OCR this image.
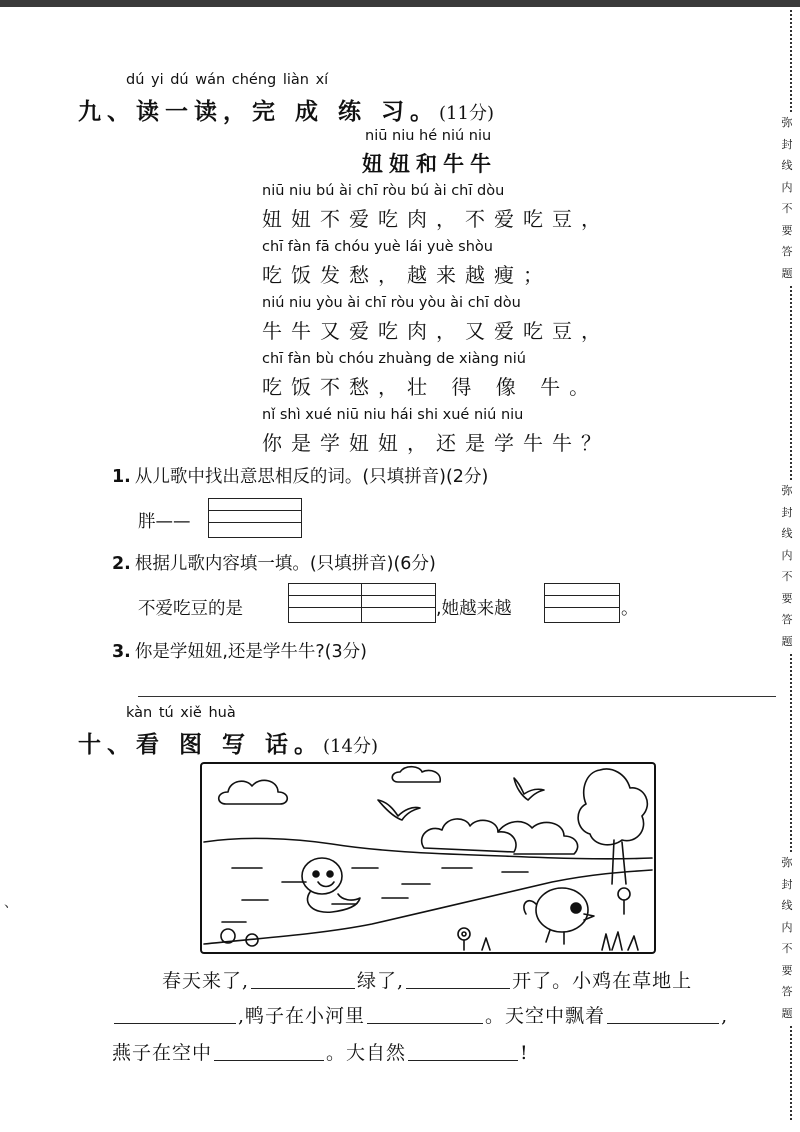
弥
封
线
内
不
要
答
题
弥
封
线
内
不
要
答
题
弥
封
线
内
不
要
答
题
、
dú yi dú wán chéng liàn xí
九、读一读，完 成 练 习。(11分)
niū niu hé niú niu
妞妞和牛牛
niū niu bú ài chī ròu bú ài chī dòu
妞妞不爱吃肉，不爱吃豆，
chī fàn fā chóu yuè lái yuè shòu
吃饭发愁，越来越瘦；
niú niu yòu ài chī ròu yòu ài chī dòu
牛牛又爱吃肉，又爱吃豆，
chī fàn bù chóu zhuàng de xiàng niú
吃饭不愁，壮 得 像 牛。
nǐ shì xué niū niu hái shi xué niú niu
你是学妞妞，还是学牛牛？
1. 从儿歌中找出意思相反的词。(只填拼音)(2分)
胖——
2. 根据儿歌内容填一填。(只填拼音)(6分)
不爱吃豆的是	,她越来越	。
3. 你是学妞妞,还是学牛牛?(3分)
kàn tú xiě huà
十、看 图 写 话。(14分)
春天来了,	绿了,	开了。小鸡在草地上
,鸭子在小河里	。天空中飘着	,
燕子在空中	。大自然	!
